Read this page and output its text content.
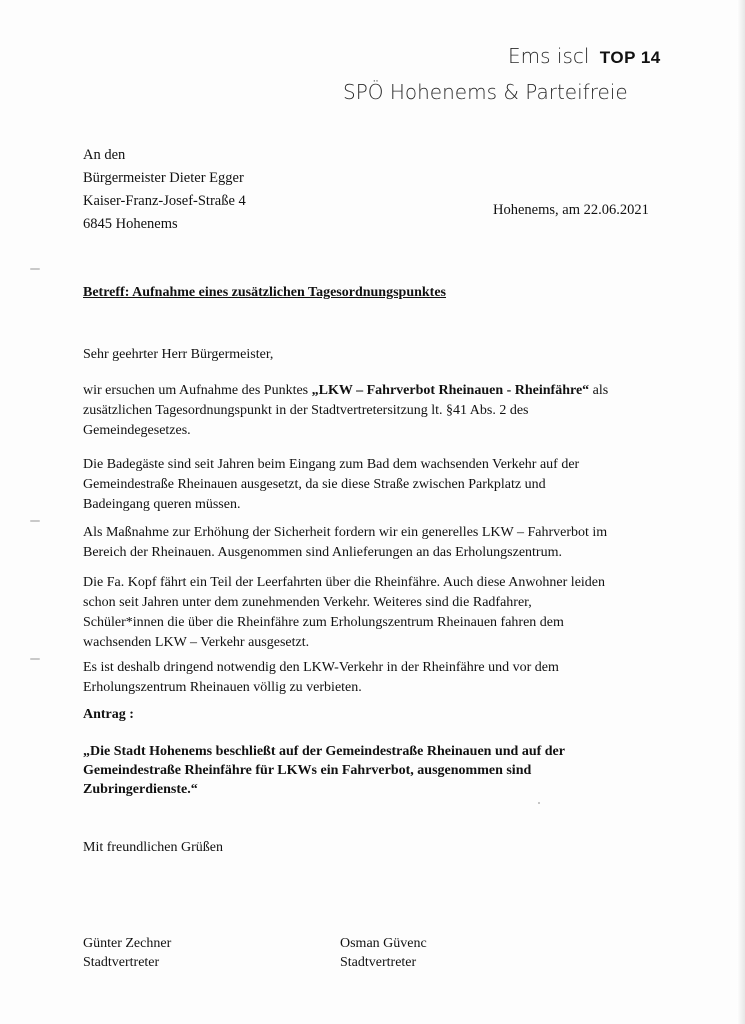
Ems iscl TOP 14
SPÖ Hohenems & Parteifreie
An den
Bürgermeister Dieter Egger
Kaiser-Franz-Josef-Straße 4
6845 Hohenems
Hohenems, am 22.06.2021
Betreff: Aufnahme eines zusätzlichen Tagesordnungspunktes
Sehr geehrter Herr Bürgermeister,
wir ersuchen um Aufnahme des Punktes „LKW – Fahrverbot Rheinauen - Rheinfähre“ als
zusätzlichen Tagesordnungspunkt in der Stadtvertretersitzung lt. §41 Abs. 2 des
Gemeindegesetzes.
Die Badegäste sind seit Jahren beim Eingang zum Bad dem wachsenden Verkehr auf der
Gemeindestraße Rheinauen ausgesetzt, da sie diese Straße zwischen Parkplatz und
Badeingang queren müssen.
Als Maßnahme zur Erhöhung der Sicherheit fordern wir ein generelles LKW – Fahrverbot im
Bereich der Rheinauen. Ausgenommen sind Anlieferungen an das Erholungszentrum.
Die Fa. Kopf fährt ein Teil der Leerfahrten über die Rheinfähre. Auch diese Anwohner leiden
schon seit Jahren unter dem zunehmenden Verkehr. Weiteres sind die Radfahrer,
Schüler*innen die über die Rheinfähre zum Erholungszentrum Rheinauen fahren dem
wachsenden LKW – Verkehr ausgesetzt.
Es ist deshalb dringend notwendig den LKW-Verkehr in der Rheinfähre und vor dem
Erholungszentrum Rheinauen völlig zu verbieten.
Antrag :
„Die Stadt Hohenems beschließt auf der Gemeindestraße Rheinauen und auf der
Gemeindestraße Rheinfähre für LKWs ein Fahrverbot, ausgenommen sind
Zubringerdienste.“
Mit freundlichen Grüßen
Günter Zechner
Stadtvertreter
Osman Güvenc
Stadtvertreter
